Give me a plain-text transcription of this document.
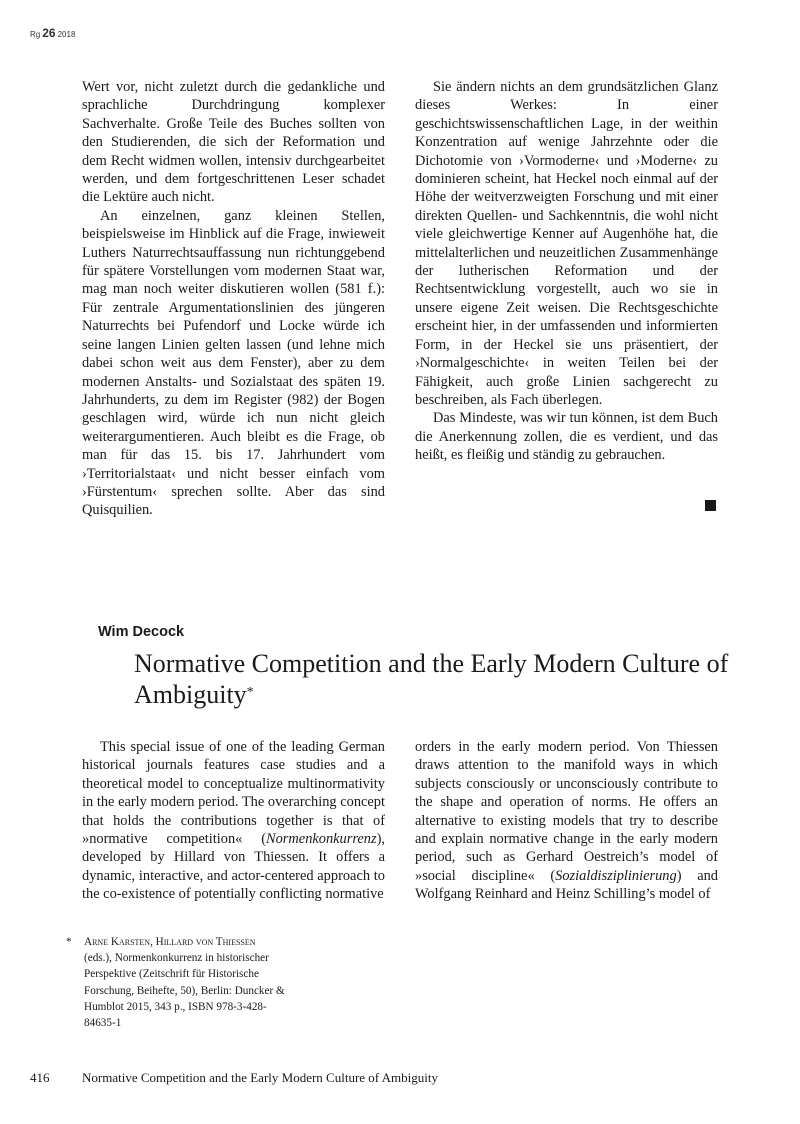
Rg 26 2018

Wert vor, nicht zuletzt durch die gedankliche und sprachliche Durchdringung komplexer Sachverhalte. Große Teile des Buches sollten von den Studierenden, die sich der Reformation und dem Recht widmen wollen, intensiv durchgearbeitet werden, und dem fortgeschrittenen Leser schadet die Lektüre auch nicht.

An einzelnen, ganz kleinen Stellen, beispielsweise im Hinblick auf die Frage, inwieweit Luthers Naturrechtsauffassung nun richtunggebend für spätere Vorstellungen vom modernen Staat war, mag man noch weiter diskutieren wollen (581 f.): Für zentrale Argumentationslinien des jüngeren Naturrechts bei Pufendorf und Locke würde ich seine langen Linien gelten lassen (und lehne mich dabei schon weit aus dem Fenster), aber zu dem modernen Anstalts- und Sozialstaat des späten 19. Jahrhunderts, zu dem im Register (982) der Bogen geschlagen wird, würde ich nun nicht gleich weiterargumentieren. Auch bleibt es die Frage, ob man für das 15. bis 17. Jahrhundert vom ›Territorialstaat‹ und nicht besser einfach vom ›Fürstentum‹ sprechen sollte. Aber das sind Quisquilien.

Sie ändern nichts an dem grundsätzlichen Glanz dieses Werkes: In einer geschichtswissenschaftlichen Lage, in der weithin Konzentration auf wenige Jahrzehnte oder die Dichotomie von ›Vormoderne‹ und ›Moderne‹ zu dominieren scheint, hat Heckel noch einmal auf der Höhe der weitverzweigten Forschung und mit einer direkten Quellen- und Sachkenntnis, die wohl nicht viele gleichwertige Kenner auf Augenhöhe hat, die mittelalterlichen und neuzeitlichen Zusammenhänge der lutherischen Reformation und der Rechtsentwicklung vorgestellt, auch wo sie in unsere eigene Zeit weisen. Die Rechtsgeschichte erscheint hier, in der umfassenden und informierten Form, in der Heckel sie uns präsentiert, der ›Normalgeschichte‹ in weiten Teilen bei der Fähigkeit, auch große Linien sachgerecht zu beschreiben, als Fach überlegen.

Das Mindeste, was wir tun können, ist dem Buch die Anerkennung zollen, die es verdient, und das heißt, es fleißig und ständig zu gebrauchen.

Wim Decock
Normative Competition and the Early Modern Culture of Ambiguity*

This special issue of one of the leading German historical journals features case studies and a theoretical model to conceptualize multinormativity in the early modern period. The overarching concept that holds the contributions together is that of »normative competition« (Normenkonkurrenz), developed by Hillard von Thiessen. It offers a dynamic, interactive, and actor-centered approach to the co-existence of potentially conflicting normative

orders in the early modern period. Von Thiessen draws attention to the manifold ways in which subjects consciously or unconsciously contribute to the shape and operation of norms. He offers an alternative to existing models that try to describe and explain normative change in the early modern period, such as Gerhard Oestreich’s model of »social discipline« (Sozialdisziplinierung) and Wolfgang Reinhard and Heinz Schilling’s model of

*	Arne Karsten, Hillard von Thiessen (eds.), Normenkonkurrenz in historischer Perspektive (Zeitschrift für Historische Forschung, Beihefte, 50), Berlin: Duncker & Humblot 2015, 343 p., ISBN 978-3-428-84635-1
416	Normative Competition and the Early Modern Culture of Ambiguity
